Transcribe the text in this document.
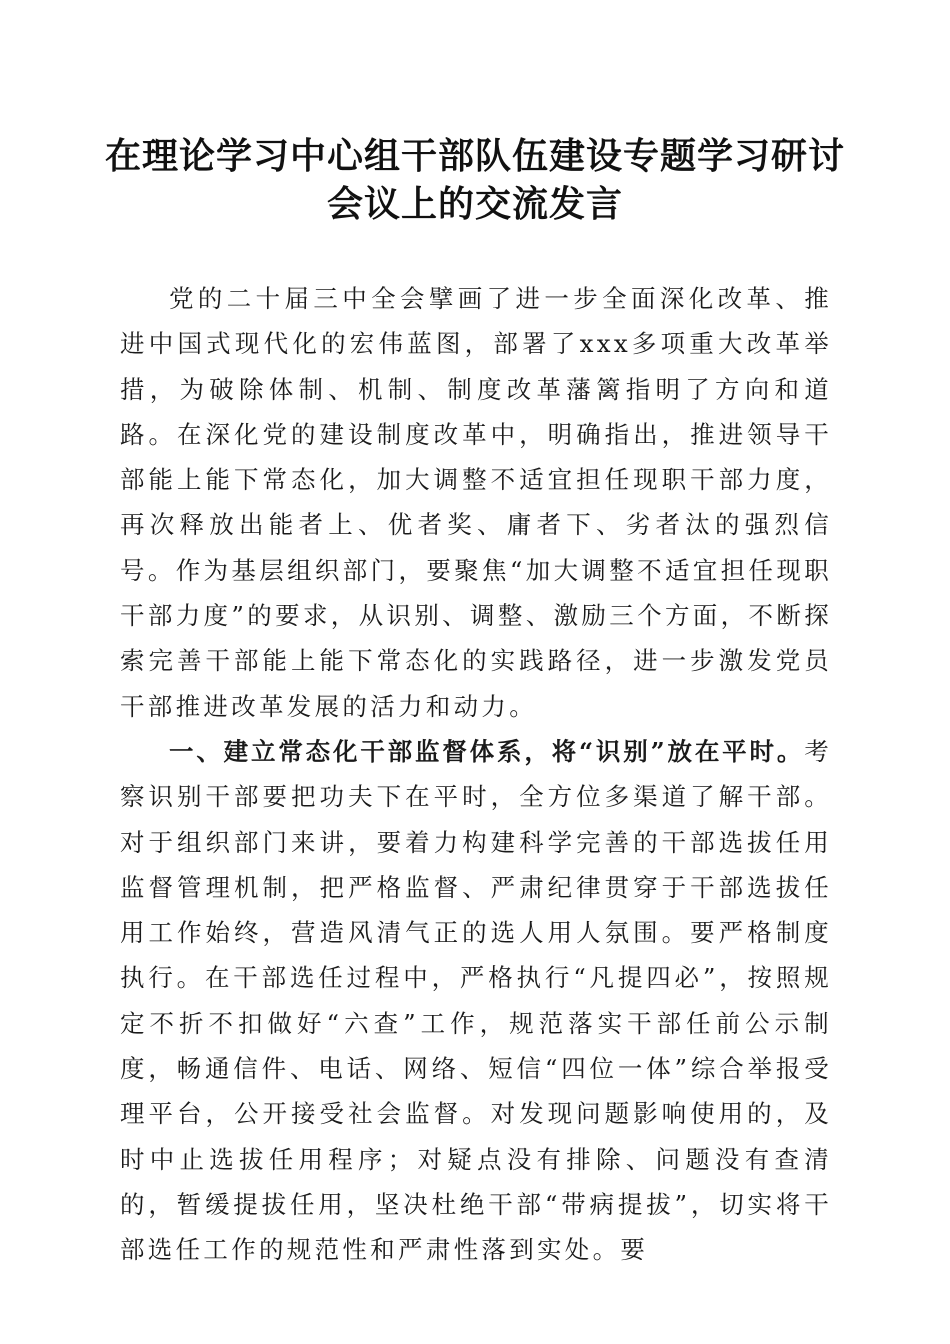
在理论学习中心组干部队伍建设专题学习研讨
会议上的交流发言

党的二十届三中全会擘画了进一步全面深化改革、推进中国式现代化的宏伟蓝图，部署了xxx多项重大改革举措，为破除体制、机制、制度改革藩篱指明了方向和道路。在深化党的建设制度改革中，明确指出，推进领导干部能上能下常态化，加大调整不适宜担任现职干部力度，再次释放出能者上、优者奖、庸者下、劣者汰的强烈信号。作为基层组织部门，要聚焦“加大调整不适宜担任现职干部力度”的要求，从识别、调整、激励三个方面，不断探索完善干部能上能下常态化的实践路径，进一步激发党员干部推进改革发展的活力和动力。

一、建立常态化干部监督体系，将“识别”放在平时。考察识别干部要把功夫下在平时，全方位多渠道了解干部。对于组织部门来讲，要着力构建科学完善的干部选拔任用监督管理机制，把严格监督、严肃纪律贯穿于干部选拔任用工作始终，营造风清气正的选人用人氛围。要严格制度执行。在干部选任过程中，严格执行“凡提四必”，按照规定不折不扣做好“六查”工作，规范落实干部任前公示制度，畅通信件、电话、网络、短信“四位一体”综合举报受理平台，公开接受社会监督。对发现问题影响使用的，及时中止选拔任用程序；对疑点没有排除、问题没有查清的，暂缓提拔任用，坚决杜绝干部“带病提拔”，切实将干部选任工作的规范性和严肃性落到实处。要
